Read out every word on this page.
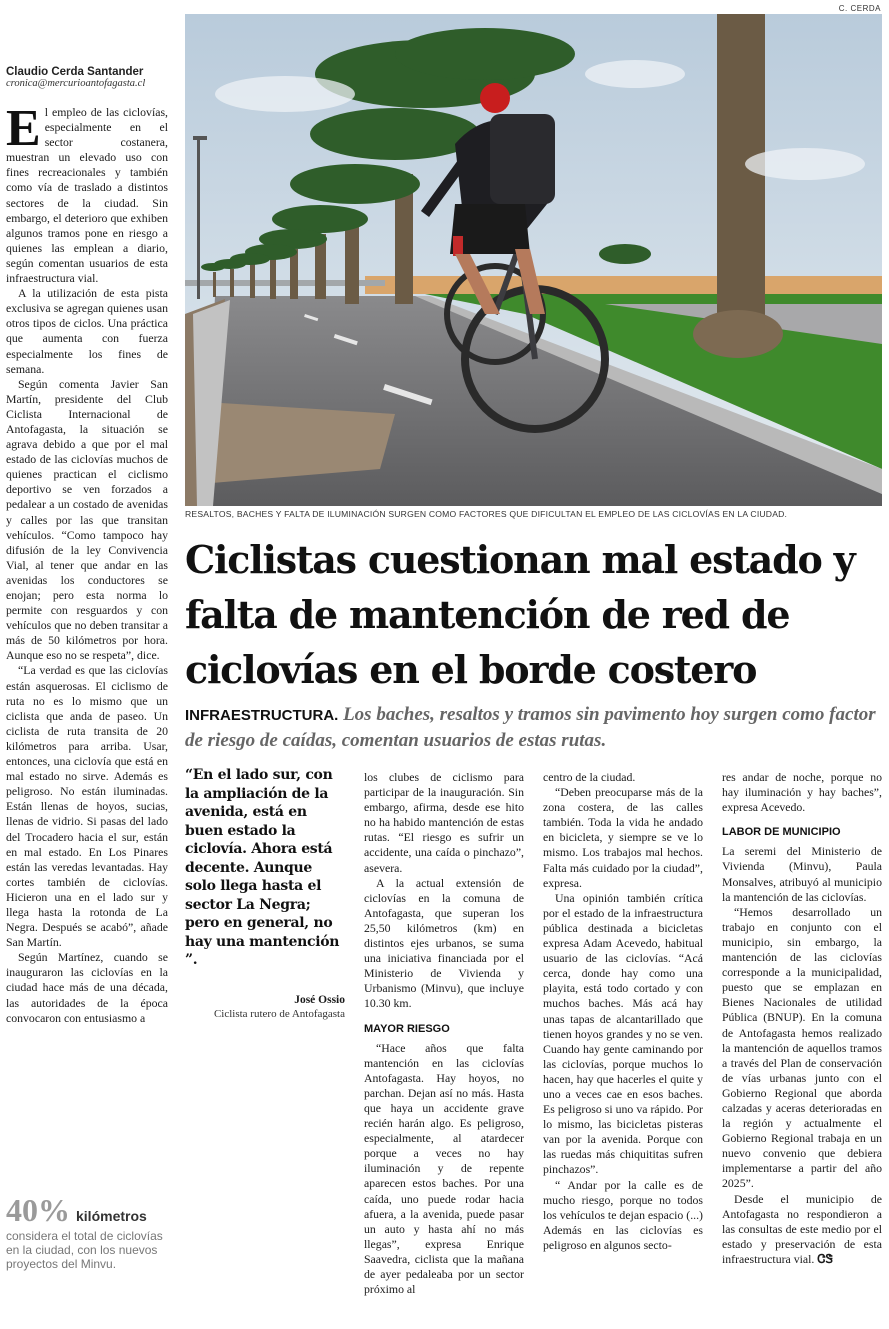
C. CERDA
Claudio Cerda Santander
cronica@mercurioantofagasta.cl

El empleo de las ciclovías, especialmente en el sector costanera, muestran un elevado uso con fines recreacionales y también como vía de traslado a distintos sectores de la ciudad. Sin embargo, el deterioro que exhiben algunos tramos pone en riesgo a quienes las emplean a diario, según comentan usuarios de esta infraestructura vial.

A la utilización de esta pista exclusiva se agregan quienes usan otros tipos de ciclos. Una práctica que aumenta con fuerza especialmente los fines de semana.

Según comenta Javier San Martín, presidente del Club Ciclista Internacional de Antofagasta, la situación se agrava debido a que por el mal estado de las ciclovías muchos de quienes practican el ciclismo deportivo se ven forzados a pedalear a un costado de avenidas y calles por las que transitan vehículos. “Como tampoco hay difusión de la ley Convivencia Vial, al tener que andar en las avenidas los conductores se enojan; pero esta norma lo permite con resguardos y con vehículos que no deben transitar a más de 50 kilómetros por hora. Aunque eso no se respeta”, dice.

“La verdad es que las ciclovías están asquerosas. El ciclismo de ruta no es lo mismo que un ciclista que anda de paseo. Un ciclista de ruta transita de 20 kilómetros para arriba. Usar, entonces, una ciclovía que está en mal estado no sirve. Además es peligroso. No están iluminadas. Están llenas de hoyos, sucias, llenas de vidrio. Si pasas del lado del Trocadero hacia el sur, están en mal estado. En Los Pinares están las veredas levantadas. Hay cortes también de ciclovías. Hicieron una en el lado sur y llega hasta la rotonda de La Negra. Después se acabó”, añade San Martín.

Según Martínez, cuando se inauguraron las ciclovías en la ciudad hace más de una década, las autoridades de la época convocaron con entusiasmo a

40% kilómetros
considera el total de ciclovías en la ciudad, con los nuevos proyectos del Minvu.
RESALTOS, BACHES Y FALTA DE ILUMINACIÓN SURGEN COMO FACTORES QUE DIFICULTAN EL EMPLEO DE LAS CICLOVÍAS EN LA CIUDAD.
Ciclistas cuestionan mal estado y falta de mantención de red de ciclovías en el borde costero
INFRAESTRUCTURA. Los baches, resaltos y tramos sin pavimento hoy surgen como factor de riesgo de caídas, comentan usuarios de estas rutas.
“En el lado sur, con la ampliación de la avenida, está en buen estado la ciclovía. Ahora está decente. Aunque solo llega hasta el sector La Negra; pero en general, no hay una mantención ”.
José Ossio
Ciclista rutero de Antofagasta

los clubes de ciclismo para participar de la inauguración. Sin embargo, afirma, desde ese hito no ha habido mantención de estas rutas. “El riesgo es sufrir un accidente, una caída o pinchazo”, asevera.

A la actual extensión de ciclovías en la comuna de Antofagasta, que superan los 25,50 kilómetros (km) en distintos ejes urbanos, se suma una iniciativa financiada por el Ministerio de Vivienda y Urbanismo (Minvu), que incluye 10.30 km.

MAYOR RIESGO

“Hace años que falta mantención en las ciclovías Antofagasta. Hay hoyos, no parchan. Dejan así no más. Hasta que haya un accidente grave recién harán algo. Es peligroso, especialmente, al atardecer porque a veces no hay iluminación y de repente aparecen estos baches. Por una caída, uno puede rodar hacia afuera, a la avenida, puede pasar un auto y hasta ahí no más llegas”, expresa Enrique Saavedra, ciclista que la mañana de ayer pedaleaba por un sector próximo al

centro de la ciudad.

“Deben preocuparse más de la zona costera, de las calles también. Toda la vida he andado en bicicleta, y siempre se ve lo mismo. Los trabajos mal hechos. Falta más cuidado por la ciudad”, expresa.

Una opinión también crítica por el estado de la infraestructura pública destinada a bicicletas expresa Adam Acevedo, habitual usuario de las ciclovías. “Acá cerca, donde hay como una playita, está todo cortado y con muchos baches. Más acá hay unas tapas de alcantarillado que tienen hoyos grandes y no se ven. Cuando hay gente caminando por las ciclovías, porque muchos lo hacen, hay que hacerles el quite y uno a veces cae en esos baches. Es peligroso si uno va rápido. Por lo mismo, las bicicletas pisteras van por la avenida. Porque con las ruedas más chiquititas sufren pinchazos”.

“ Andar por la calle es de mucho riesgo, porque no todos los vehículos te dejan espacio (...) Además en las ciclovías es peligroso en algunos secto-

res andar de noche, porque no hay iluminación y hay baches”, expresa Acevedo.

LABOR DE MUNICIPIO

La seremi del Ministerio de Vivienda (Minvu), Paula Monsalves, atribuyó al municipio la mantención de las ciclovías.

“Hemos desarrollado un trabajo en conjunto con el municipio, sin embargo, la mantención de las ciclovías corresponde a la municipalidad, puesto que se emplazan en Bienes Nacionales de utilidad Pública (BNUP). En la comuna de Antofagasta hemos realizado la mantención de aquellos tramos a través del Plan de conservación de vías urbanas junto con el Gobierno Regional que aborda calzadas y aceras deterioradas en la región y actualmente el Gobierno Regional trabaja en un nuevo convenio que debiera implementarse a partir del año 2025”.

Desde el municipio de Antofagasta no respondieron a las consultas de este medio por el estado y preservación de esta infraestructura vial. ᏣᏕ
